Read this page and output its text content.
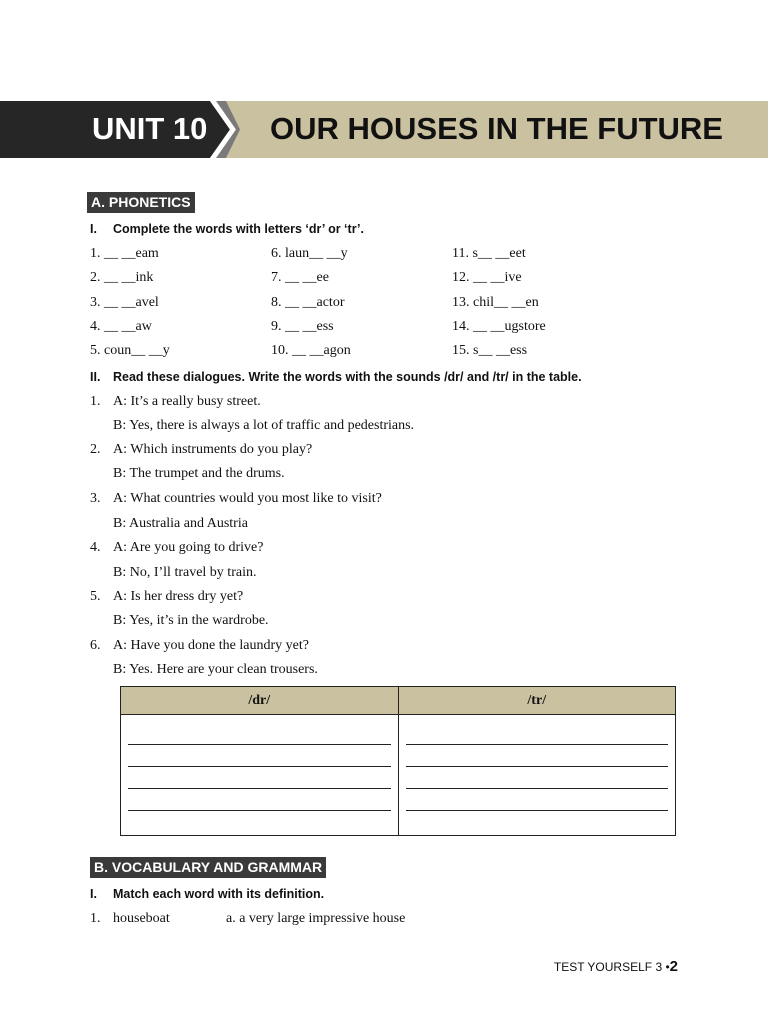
UNIT 10 OUR HOUSES IN THE FUTURE
A. PHONETICS
I. Complete the words with letters ‘dr’ or ‘tr’.
1. __ __eam
2. __ __ink
3. __ __avel
4. __ __aw
5. coun__ __y
6. laun__ __y
7. __ __ee
8. __ __actor
9. __ __ess
10. __ __agon
11. s__ __eet
12. __ __ive
13. chil__ __en
14. __ __ugstore
15. s__ __ess
II. Read these dialogues. Write the words with the sounds /dr/ and /tr/ in the table.
1. A: It’s a really busy street.
B: Yes, there is always a lot of traffic and pedestrians.
2. A: Which instruments do you play?
B: The trumpet and the drums.
3. A: What countries would you most like to visit?
B: Australia and Austria
4. A: Are you going to drive?
B: No, I’ll travel by train.
5. A: Is her dress dry yet?
B: Yes, it’s in the wardrobe.
6. A: Have you done the laundry yet?
B: Yes. Here are your clean trousers.
/dr/	/tr/

B. VOCABULARY AND GRAMMAR
I. Match each word with its definition.
1. houseboat	a. a very large impressive house
TEST YOURSELF 3 •2
